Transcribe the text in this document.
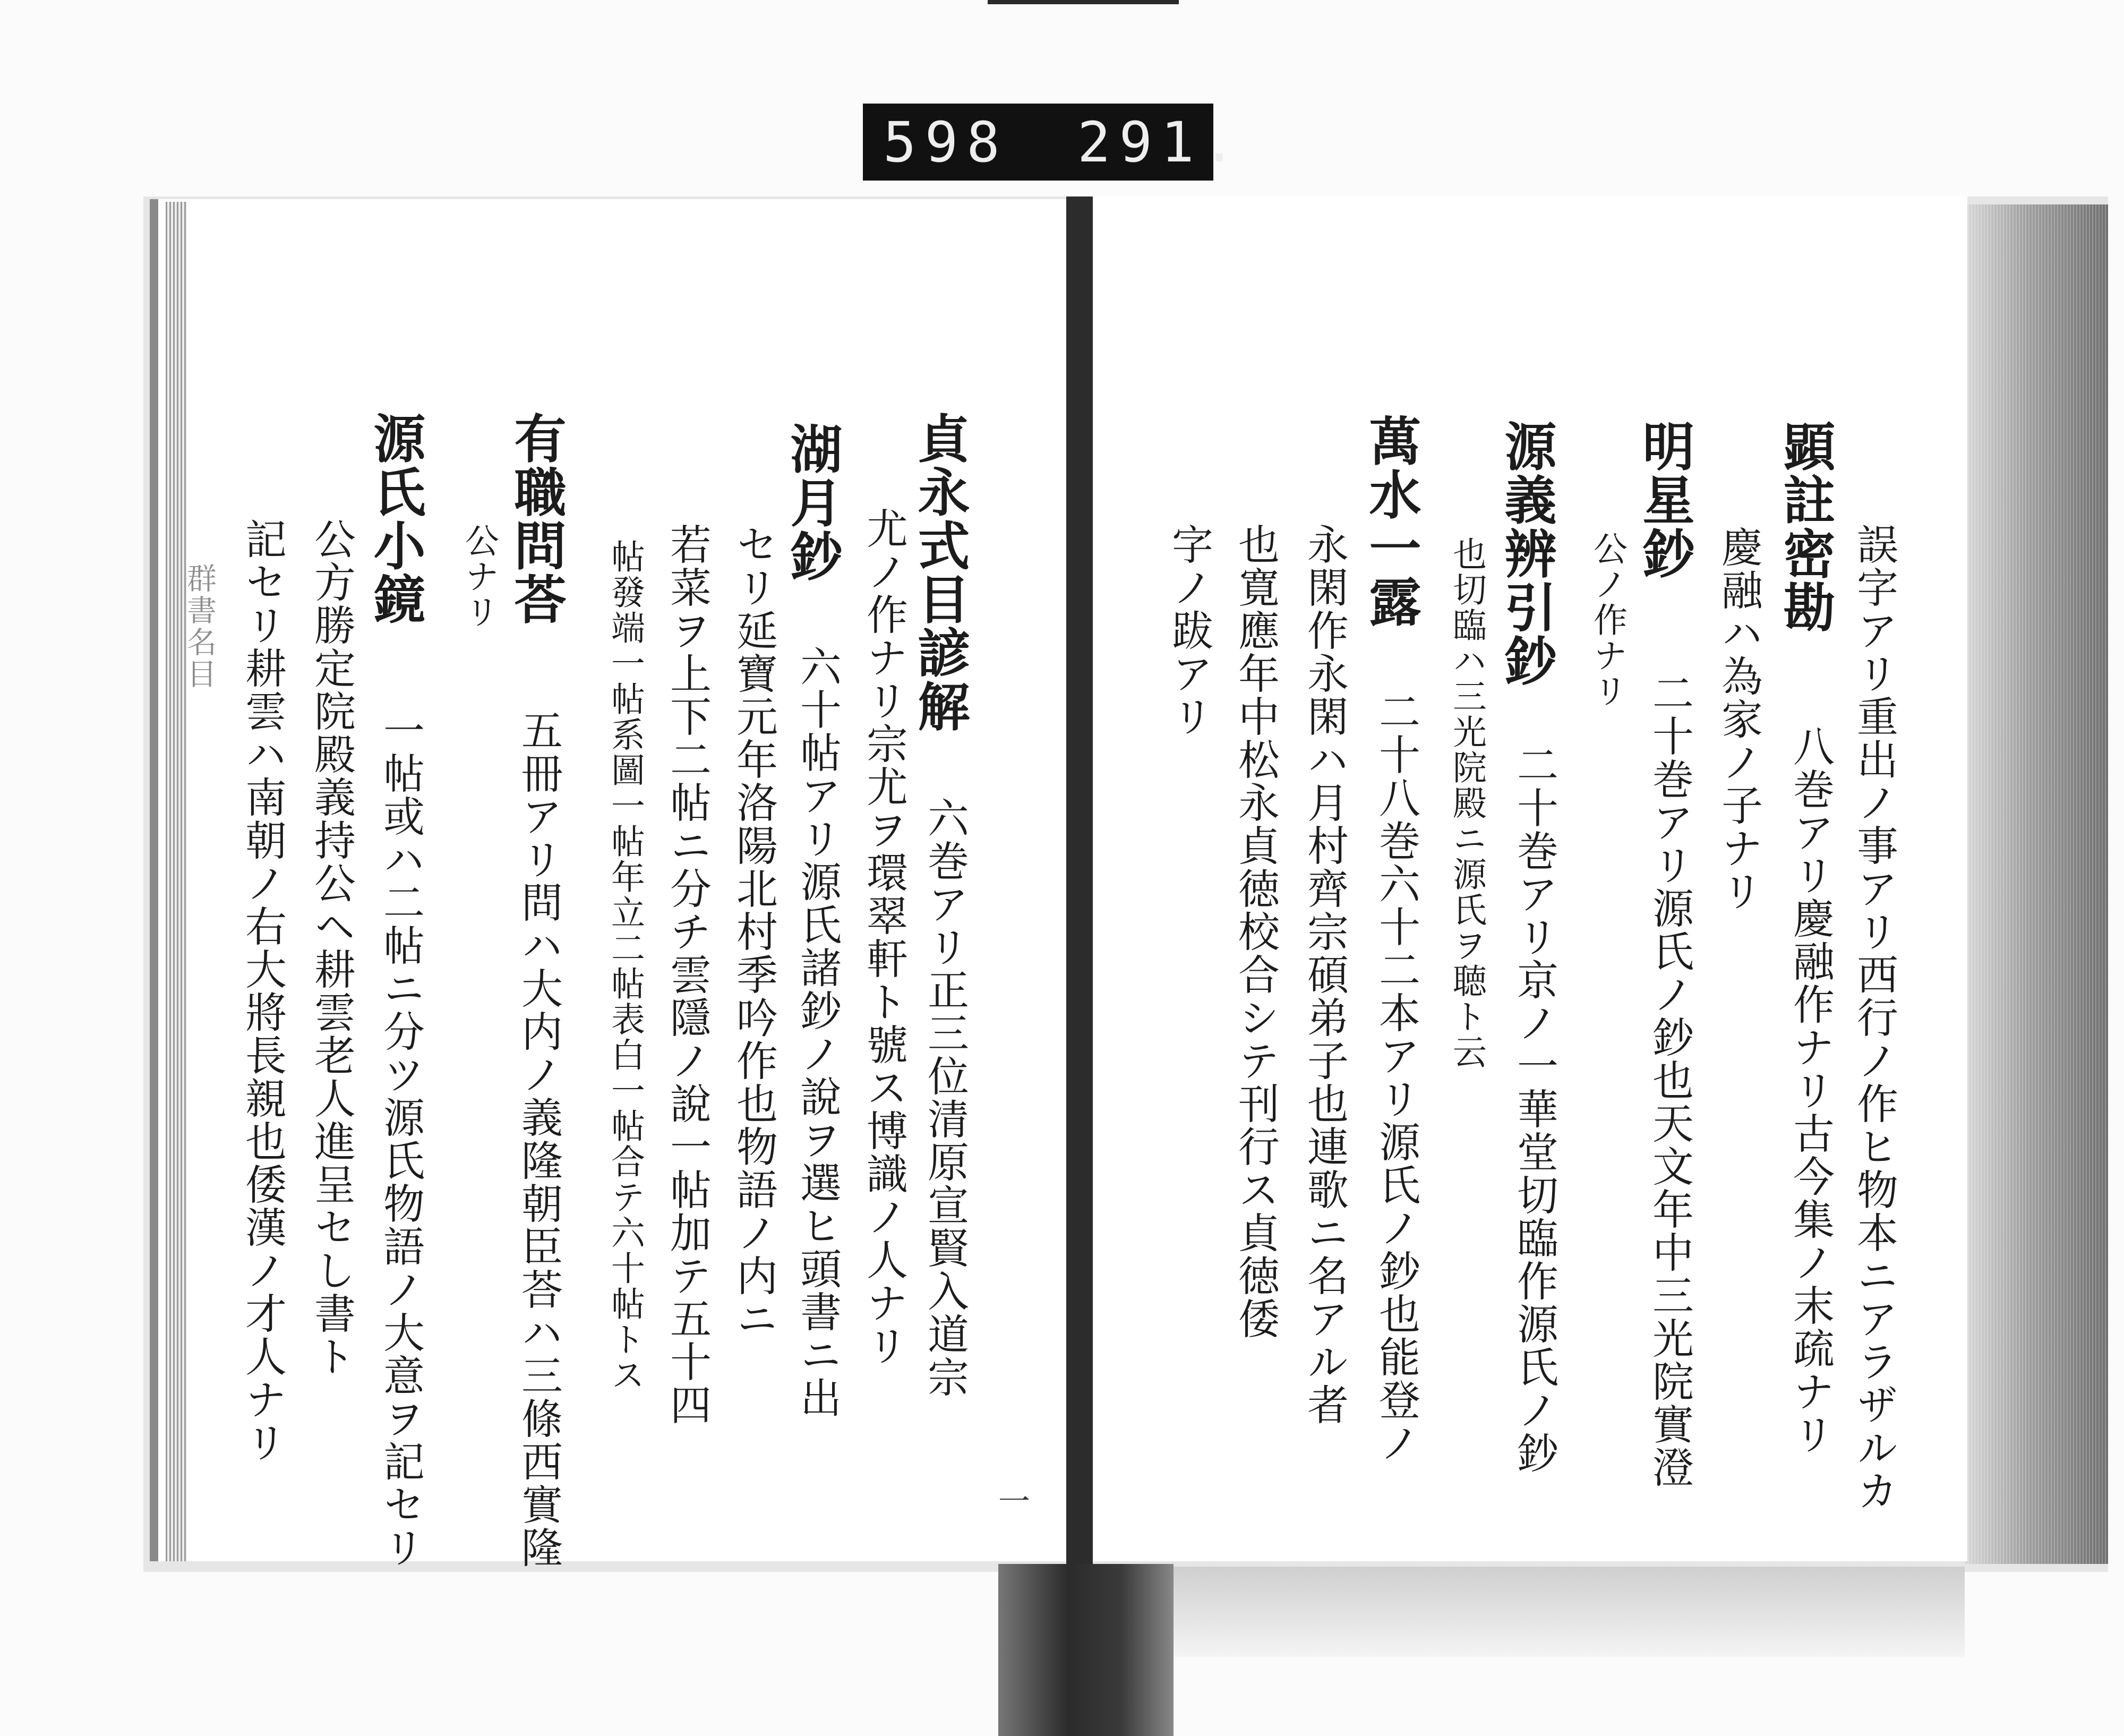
598 291.
群書名目	貞永式目諺解
六巻アリ正三位清原宣賢入道宗
尤ノ作ナリ宗尤ヲ環翠軒ト號ス博識ノ人ナリ
湖月鈔
六十帖アリ源氏諸鈔ノ說ヲ選ヒ頭書ニ出
セリ延寶元年洛陽北村季吟作也物語ノ内ニ
若菜ヲ上下二帖ニ分チ雲隱ノ說一帖加テ五十四
帖發端一帖系圖一帖年立二帖表白一帖合テ六十帖トス
有職問荅
五冊アリ問ハ大内ノ義隆朝臣荅ハ三條西實隆
公ナリ
源氏小鏡
一帖或ハ二帖ニ分ツ源氏物語ノ大意ヲ記セリ
公方勝定院殿義持公ヘ耕雲老人進呈セし書ト
記セリ耕雲ハ南朝ノ右大將長親也倭漢ノ才人ナリ
一	誤字アリ重出ノ事アリ西行ノ作ヒ物本ニアラザルカ
顕註密勘
八巻アリ慶融作ナリ古今集ノ末疏ナリ
慶融ハ為家ノ子ナリ
明星鈔
二十巻アリ源氏ノ鈔也天文年中三光院實澄
公ノ作ナリ
源義辨引鈔
二十巻アリ京ノ一華堂切臨作源氏ノ鈔
也切臨ハ三光院殿ニ源氏ヲ聴ト云
萬水一露
二十八巻六十二本アリ源氏ノ鈔也能登ノ
永閑作永閑ハ月村齊宗碩弟子也連歌ニ名アル者
也寛應年中松永貞徳校合シテ刊行ス貞徳倭
字ノ跋アリ
